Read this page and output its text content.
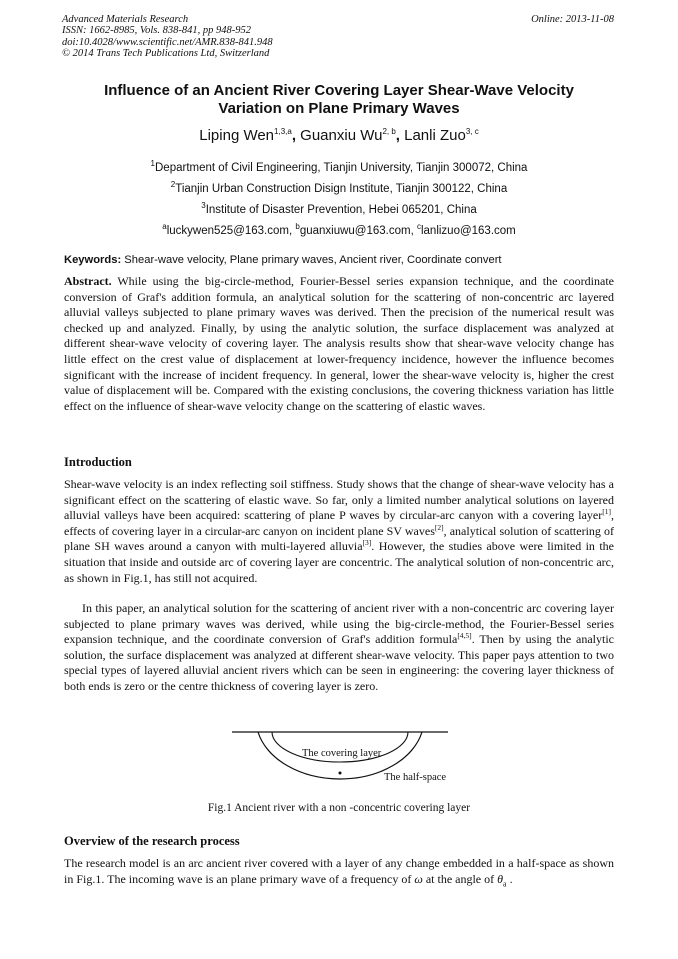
Advanced Materials Research
ISSN: 1662-8985, Vols. 838-841, pp 948-952
doi:10.4028/www.scientific.net/AMR.838-841.948
© 2014 Trans Tech Publications Ltd, Switzerland
Online: 2013-11-08
Influence of an Ancient River Covering Layer Shear-Wave Velocity
Variation on Plane Primary Waves
Liping Wen$^{1,3,a}$, Guanxiu Wu$^{2, b}$, Lanli Zuo$^{3, c}$
$^1$Department of Civil Engineering, Tianjin University, Tianjin 300072, China
$^2$Tianjin Urban Construction Disign Institute, Tianjin 300122, China
$^3$Institute of Disaster Prevention, Hebei 065201, China
$^a$luckywen525@163.com, $^b$guanxiuwu@163.com, $^c$lanlizuo@163.com
Keywords: Shear-wave velocity, Plane primary waves, Ancient river, Coordinate convert
Abstract. While using the big-circle-method, Fourier-Bessel series expansion technique, and the coordinate conversion of Graf's addition formula, an analytical solution for the scattering of non-concentric arc layered alluvial valleys subjected to plane primary waves was derived. Then the precision of the numerical result was checked up and analyzed. Finally, by using the analytic solution, the surface displacement was analyzed at different shear-wave velocity of covering layer. The analysis results show that shear-wave velocity change has little effect on the crest value of displacement at lower-frequency incidence, however the influence becomes significant with the increase of incident frequency. In general, lower the shear-wave velocity is, higher the crest value of displacement will be. Compared with the existing conclusions, the covering thickness variation has little effect on the influence of shear-wave velocity change on the scattering of elastic waves.
Introduction
Shear-wave velocity is an index reflecting soil stiffness. Study shows that the change of shear-wave velocity has a significant effect on the scattering of elastic wave. So far, only a limited number analytical solutions on layered alluvial valleys have been acquired: scattering of plane P waves by circular-arc canyon with a covering layer[1], effects of covering layer in a circular-arc canyon on incident plane SV waves[2], analytical solution of scattering of plane SH waves around a canyon with multi-layered alluvia[3]. However, the studies above were limited in the situation that inside and outside arc of covering layer are concentric. The analytical solution of non-concentric arc, as shown in Fig.1, has still not acquired.
In this paper, an analytical solution for the scattering of ancient river with a non-concentric arc covering layer subjected to plane primary waves was derived, while using the big-circle-method, the Fourier-Bessel series expansion technique, and the coordinate conversion of Graf's addition formula[4,5]. Then by using the analytic solution, the surface displacement was analyzed at different shear-wave velocity. This paper pays attention to two special types of layered alluvial ancient rivers which can be seen in engineering: the covering layer thickness of both ends is zero or the centre thickness of covering layer is zero.
The covering layer
The half-space
Fig.1 Ancient river with a non -concentric covering layer
Overview of the research process
The research model is an arc ancient river covered with a layer of any change embedded in a half-space as shown in Fig.1. The incoming wave is an plane primary wave of a frequency of ω at the angle of $\theta_a$ .
